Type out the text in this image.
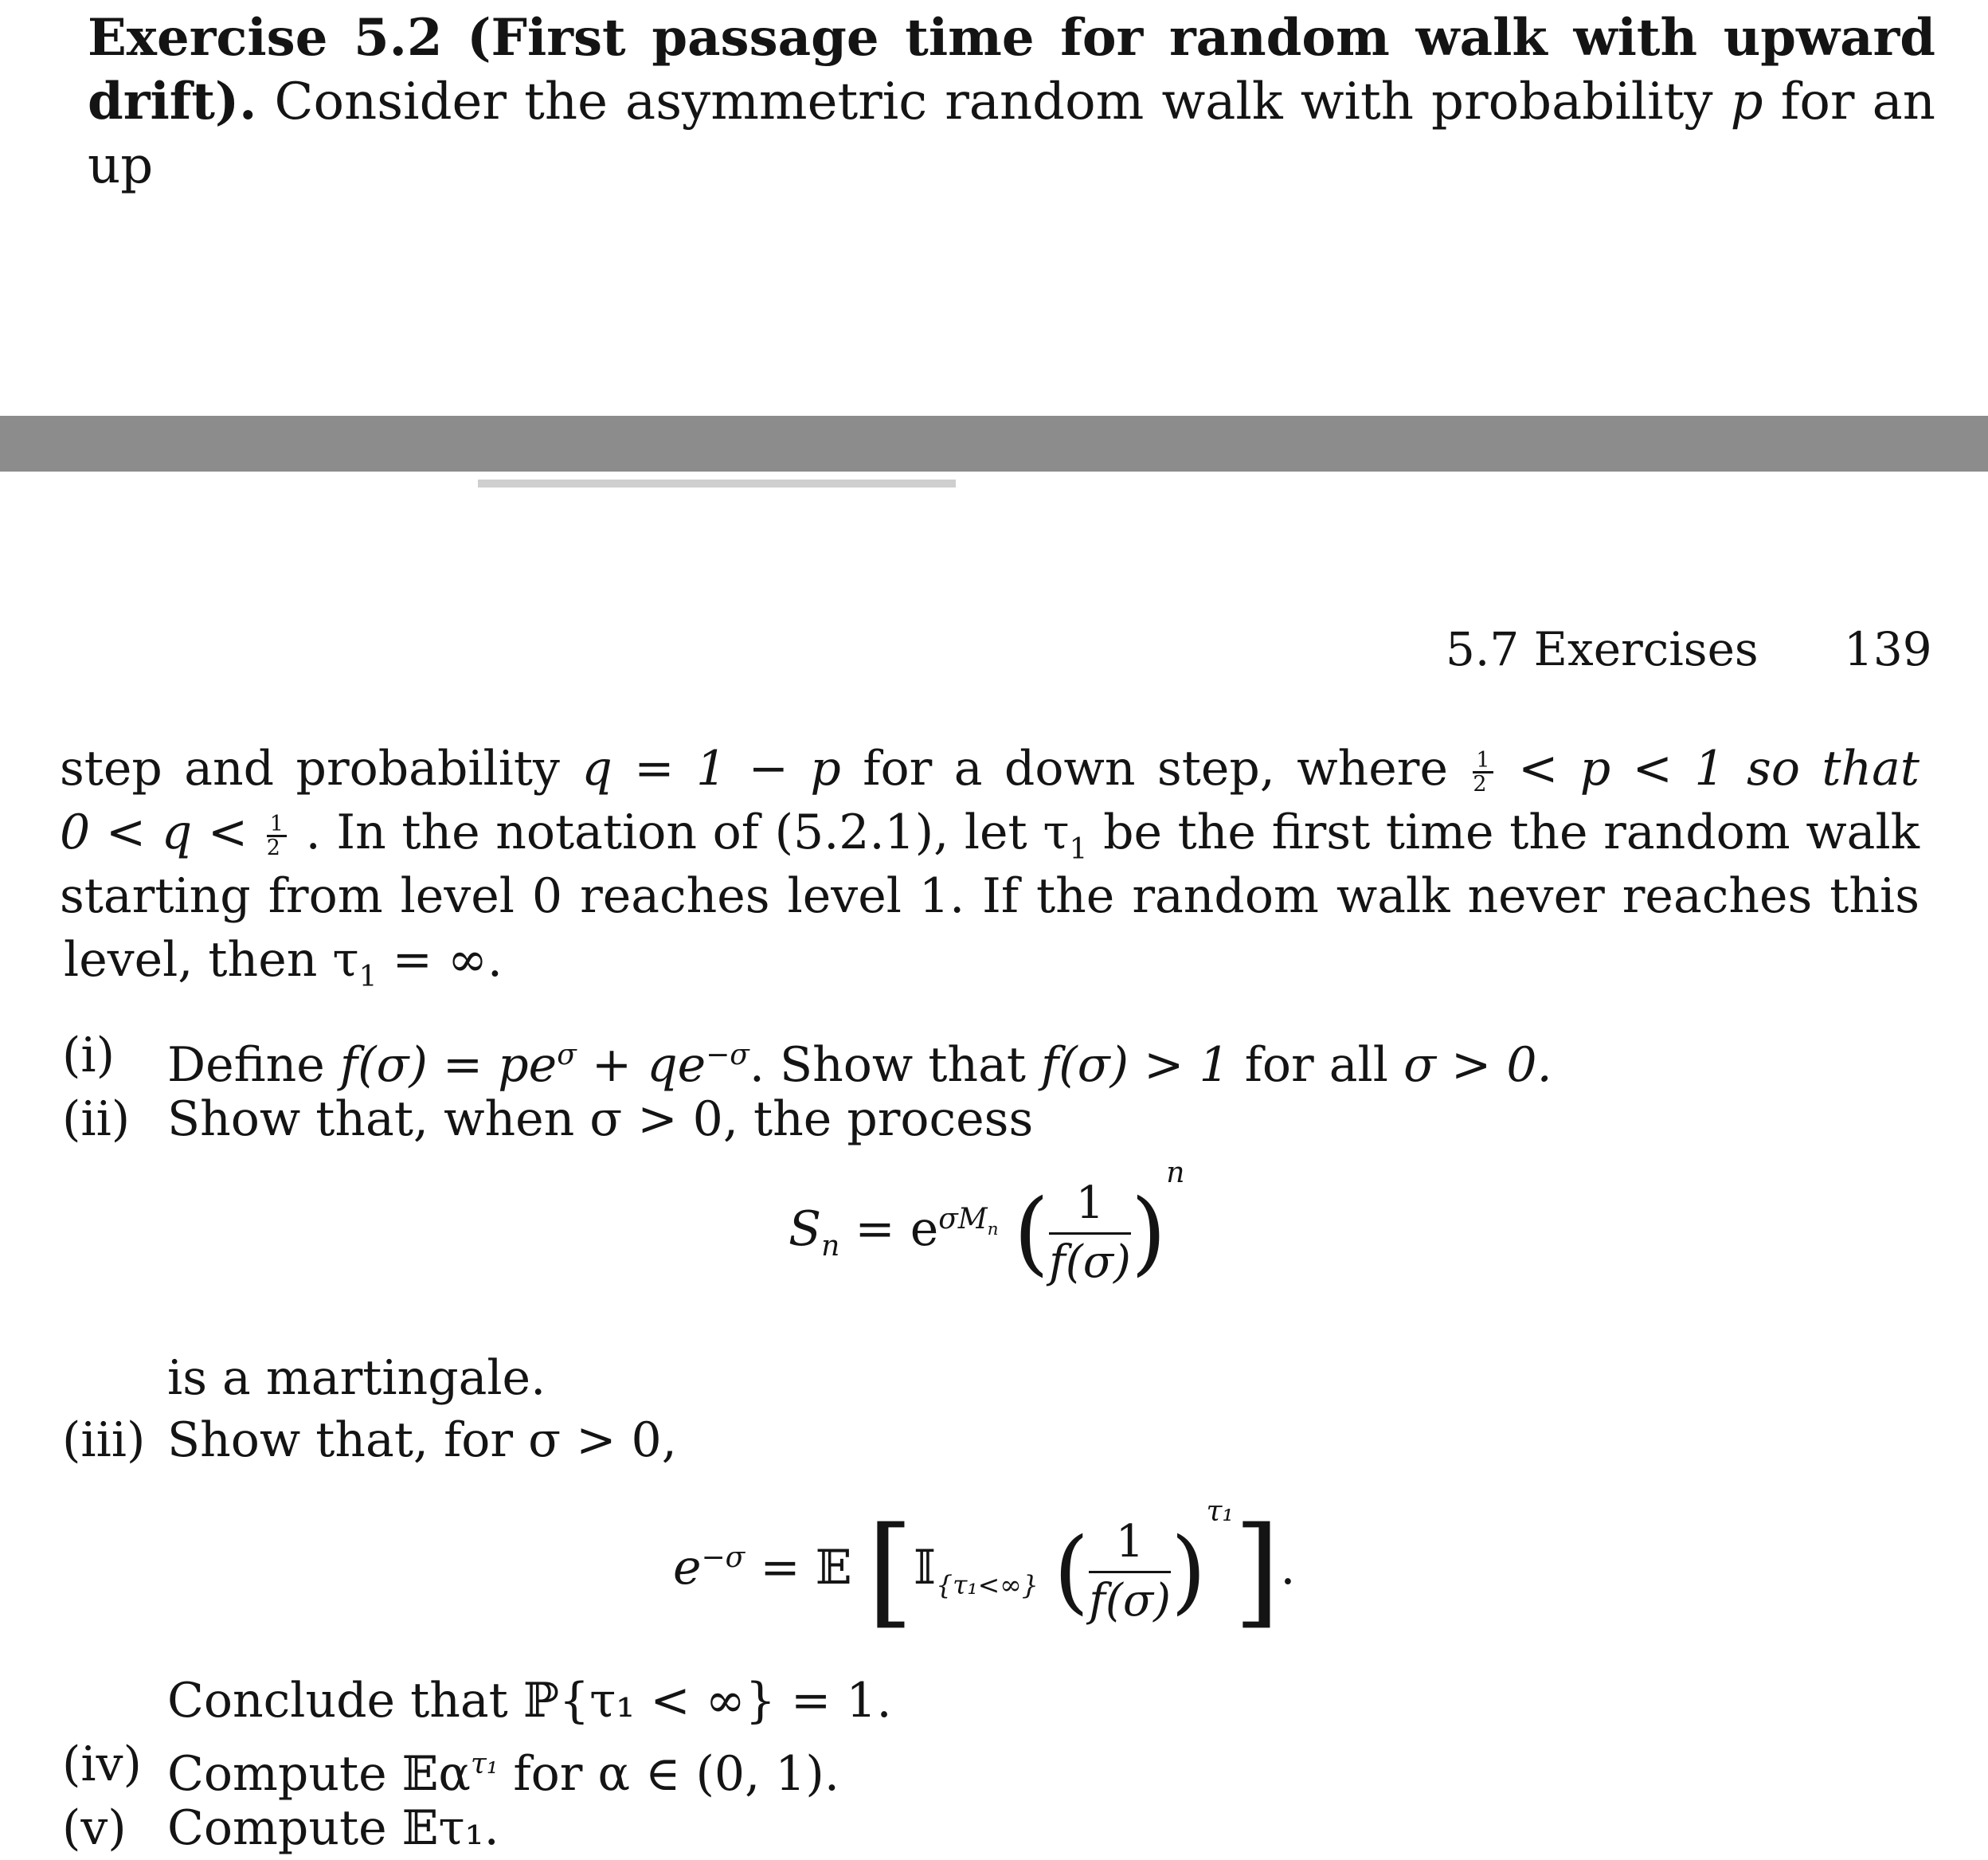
Exercise 5.2 (First passage time for random walk with upward
drift). Consider the asymmetric random walk with probability p for an up
5.7 Exercises 139
step and probability q = 1 − p for a down step, where $\frac{1}{2} < p < 1$ so that
$0 < q < \frac{1}{2}$ . In the notation of (5.2.1), let $\tau_1$ be the first time the random walk
starting from level 0 reaches level 1. If the random walk never reaches this
level, then $\tau_1$ = ∞.
(i) Define $f(\sigma) = pe^\sigma + qe^{-\sigma}$. Show that f(σ) > 1 for all σ > 0.
(ii) Show that, when σ > 0, the process
$S_n = e^{\sigma M_n}$ ( $\frac{1}{f(\sigma)} )^n$
is a martingale.
(iii) Show that, for σ > 0,
$e^{-\sigma}$ = 𝔼 [𝕀$_{\{\tau_1<\infty\}}$ ( $\frac{1}{f(\sigma)} )^{\tau_1}$].
Conclude that ℙ{τ₁ < ∞} = 1.
(iv) Compute 𝔼α$^{\tau_1}$ for α ∈ (0, 1).
(v) Compute 𝔼τ₁.
